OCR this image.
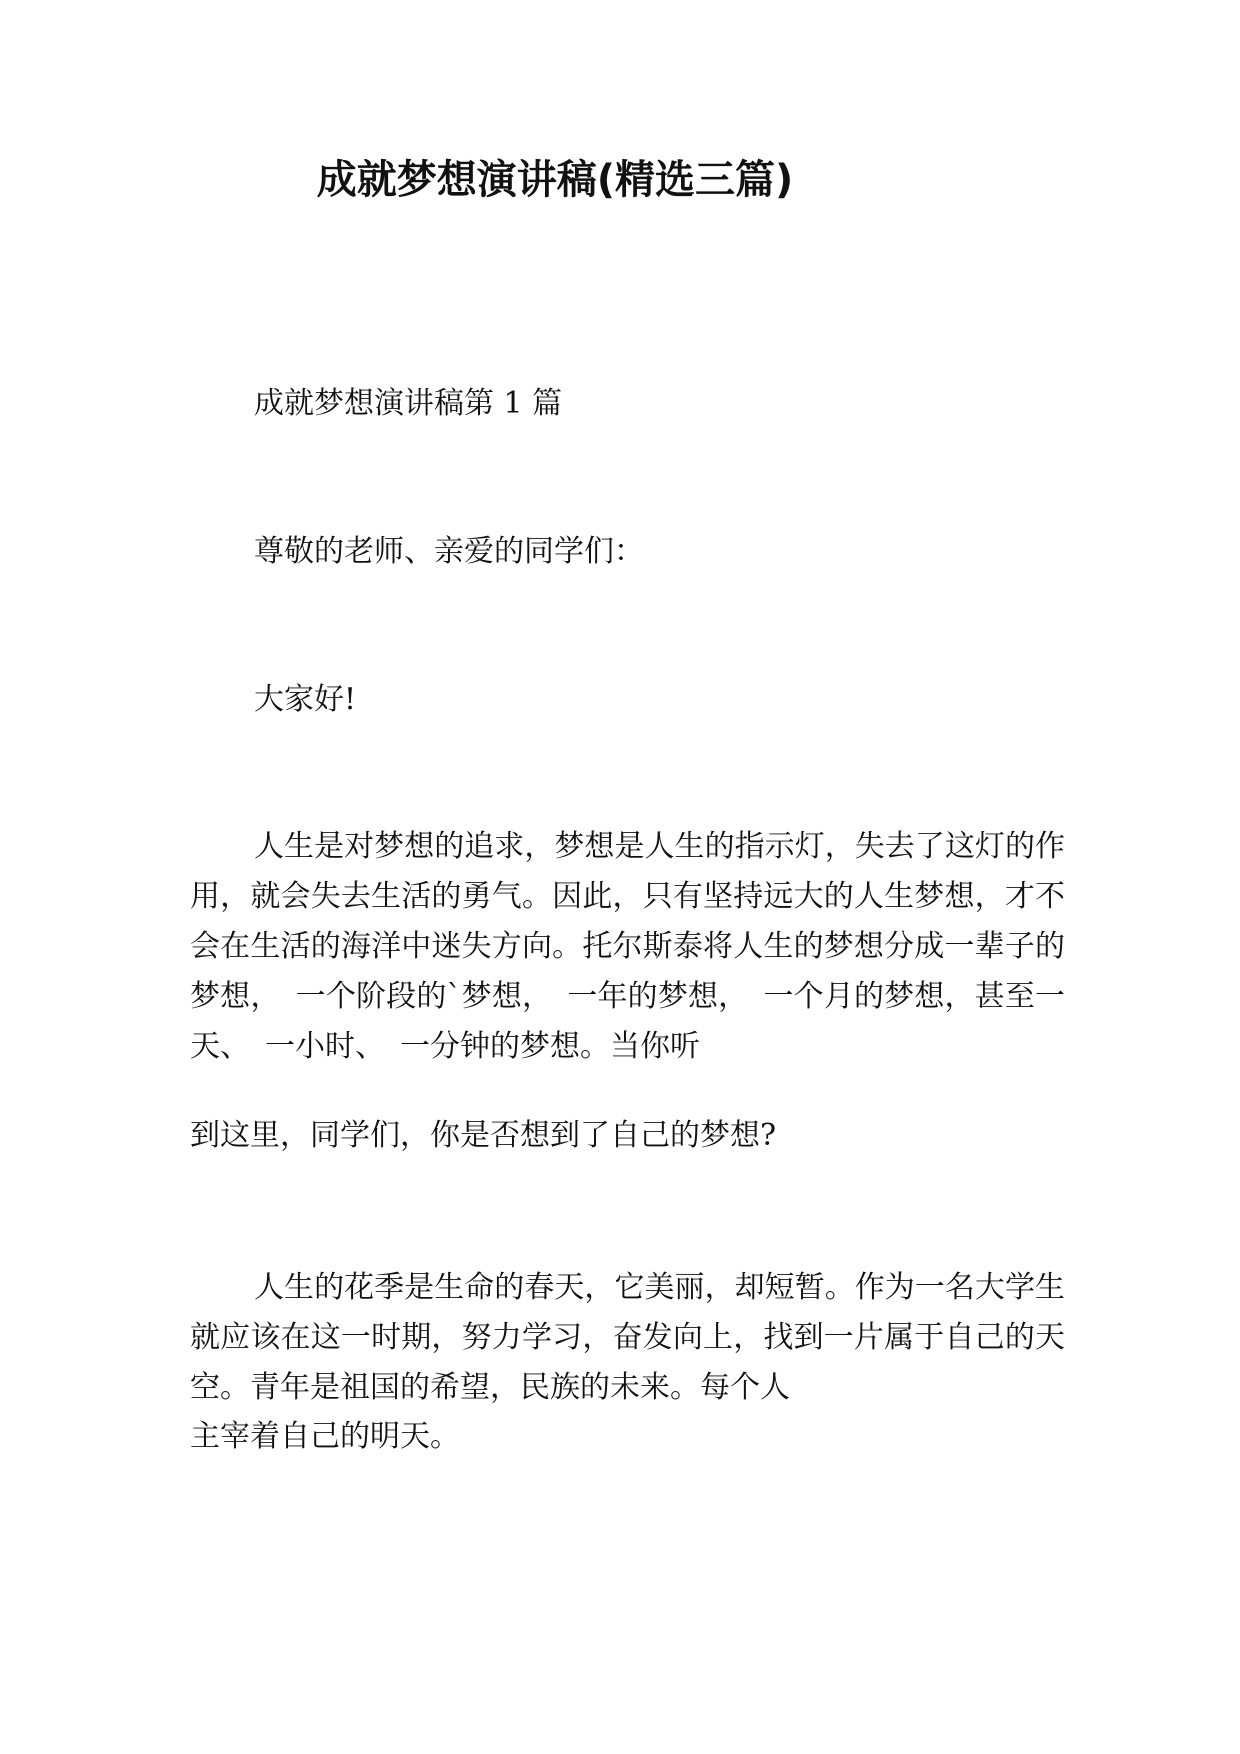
成就梦想演讲稿(精选三篇)
成就梦想演讲稿第 1 篇
尊敬的老师、亲爱的同学们：
大家好!
人生是对梦想的追求，梦想是人生的指示灯，失去了这灯的作用，就会失去生活的勇气。因此，只有坚持远大的人生梦想，才不会在生活的海洋中迷失方向。托尔斯泰将人生的梦想分成一辈子的梦想，　一个阶段的`梦想，　一年的梦想，　一个月的梦想，甚至一天、　一小时、　一分钟的梦想。当你听
到这里，同学们，你是否想到了自己的梦想?
人生的花季是生命的春天，它美丽，却短暂。作为一名大学生就应该在这一时期，努力学习，奋发向上，找到一片属于自己的天空。青年是祖国的希望，民族的未来。每个人
主宰着自己的明天。
